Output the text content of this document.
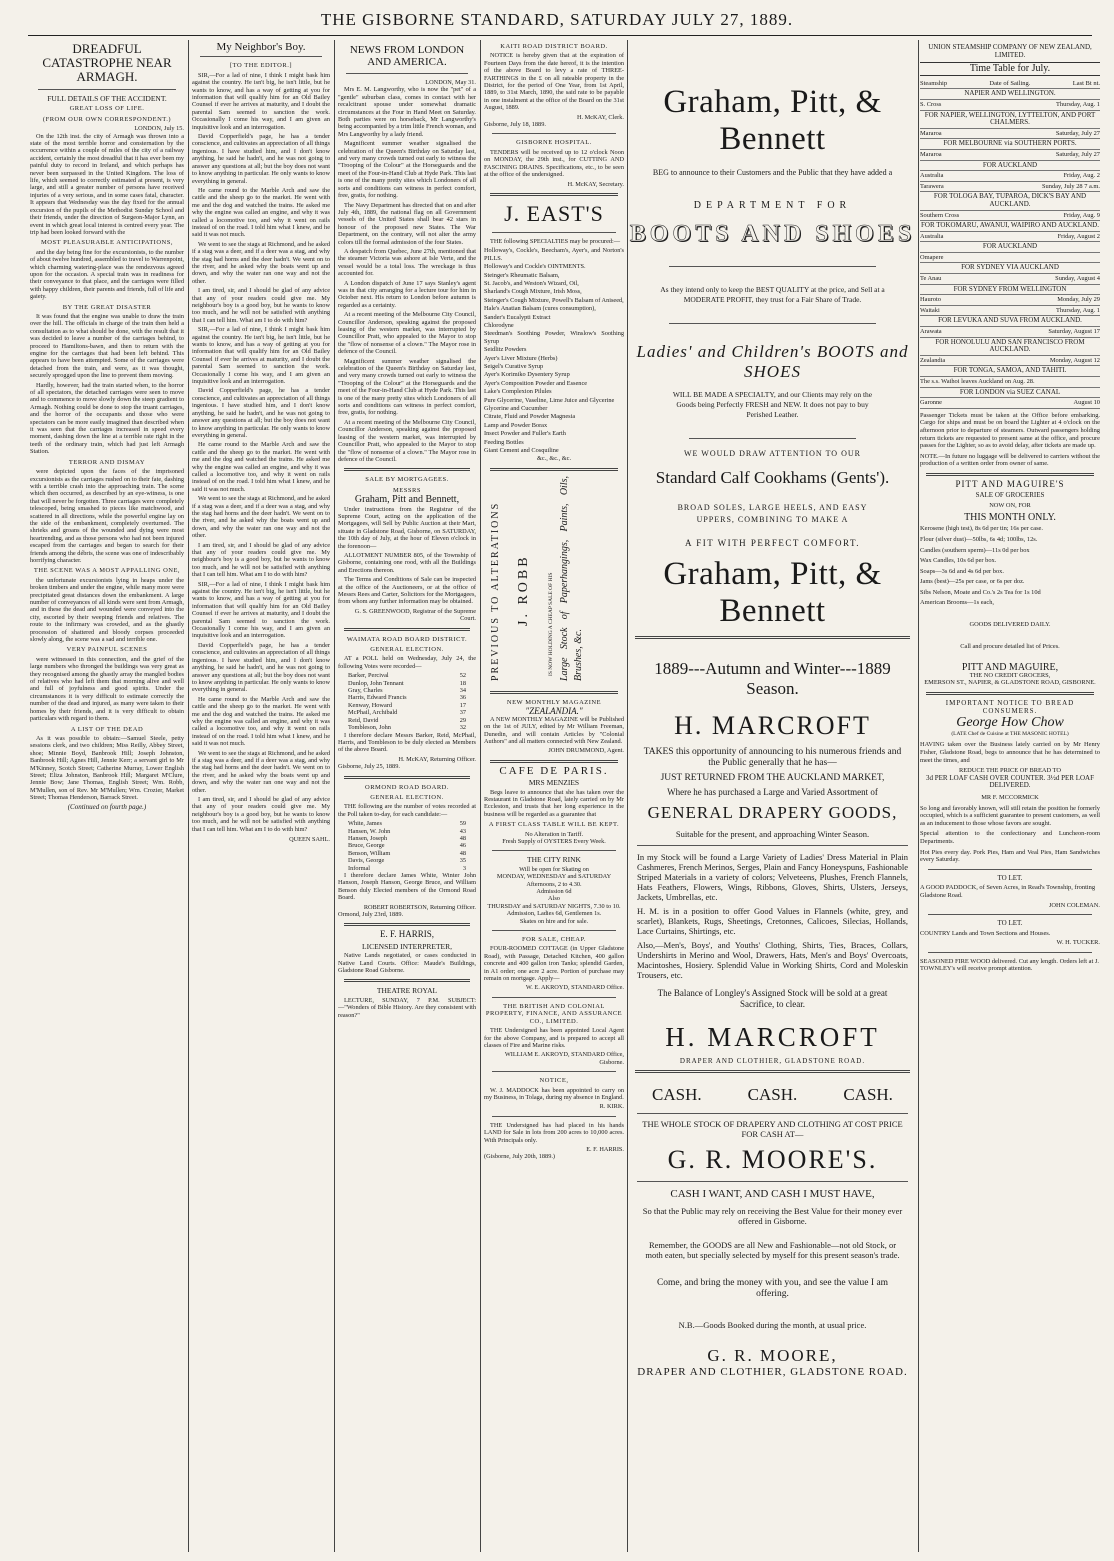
THE GISBORNE STANDARD, SATURDAY JULY 27, 1889.
DREADFUL CATASTROPHE NEAR ARMAGH.
FULL DETAILS OF THE ACCIDENT.
GREAT LOSS OF LIFE.
(FROM OUR OWN CORRESPONDENT.)
LONDON, July 15.

On the 12th inst. the city of Armagh was thrown into a state of the most terrible horror and consternation by the occurrence within a couple of miles of the city of a railway accident, certainly the most dreadful that it has ever been my painful duty to record in Ireland, and which perhaps has never been surpassed in the United Kingdom. The loss of life, which seemed to correctly estimated at present, is very large, and still a greater number of persons have received injuries of a very serious, and in some cases fatal, character. It appears that Wednesday was the day fixed for the annual excursion of the pupils of the Methodist Sunday School and their friends, under the direction of Surgeon-Major Lynn, an event in which great local interest is centred every year. The trip had been looked forward with the

MOST PLEASURABLE ANTICIPATIONS,

and the day being fine for the excursionists, to the number of about twelve hundred, assembled to travel to Warrenpoint, which charming watering-place was the rendezvous agreed upon for the occasion. A special train was in readiness for their conveyance to that place, and the carriages were filled with happy children, their parents and friends, full of life and gaiety.

BY THE GREAT DISASTER

It was found that the engine was unable to draw the train over the hill. The officials in charge of the train then held a consultation as to what should be done, with the result that it was decided to leave a number of the carriages behind, to proceed to Hamiltons-bawn, and then to return with the engine for the carriages that had been left behind. This appears to have been attempted. Some of the carriages were detached from the train, and were, as it was thought, securely sprogged upon the line to prevent them moving.

Hardly, however, had the train started when, to the horror of all spectators, the detached carriages were seen to move and to commence to move slowly down the steep gradient to Armagh. Nothing could be done to stop the truant carriages, and the horror of the occupants and those who were spectators can be more easily imagined than described when it was seen that the carriages increased in speed every moment, dashing down the line at a terrible rate right in the teeth of the ordinary train, which had just left Armagh Station.

TERROR AND DISMAY

were depicted upon the faces of the imprisoned excursionists as the carriages rushed on to their fate, dashing with a terrible crash into the approaching train. The scene which then occurred, as described by an eye-witness, is one that will never be forgotten. Three carriages were completely telescoped, being smashed to pieces like matchwood, and scattered in all directions, while the powerful engine lay on the side of the embankment, completely overturned. The shrieks and groans of the wounded and dying were most heartrending, and as those persons who had not been injured escaped from the carriages and began to search for their friends among the débris, the scene was one of indescribably horrifying character.

THE SCENE WAS A MOST APPALLING ONE,

the unfortunate excursionists lying in heaps under the broken timbers and under the engine, while many more were precipitated great distances down the embankment. A large number of conveyances of all kinds were sent from Armagh, and in these the dead and wounded were conveyed into the city, escorted by their weeping friends and relatives. The route to the infirmary was crowded, and as the ghastly procession of shattered and bloody corpses proceeded slowly along, the scene was a sad and terrible one.

VERY PAINFUL SCENES

were witnessed in this connection, and the grief of the large numbers who thronged the buildings was very great as they recognised among the ghastly array the mangled bodies of relatives who had left them that morning alive and well and full of joyfulness and good spirits. Under the circumstances it is very difficult to estimate correctly the number of the dead and injured, as many were taken to their homes by their friends, and it is very difficult to obtain particulars with regard to them.

A LIST OF THE DEAD

As it was possible to obtain:—Samuel Steele, petty sessions clerk, and two children; Miss Reilly, Abbey Street, shoe; Minnie Boyd, Banbrook Hill; Joseph Johnston, Banbrook Hill; Agnes Hill, Jennie Kerr; a servant girl to Mr M'Kinney, Scotch Street; Catherine Murray, Lower English Street; Eliza Johnston, Banbrook Hill; Margaret M'Clure, Jennie Bow; Jane Thomas, English Street; Wm. Robb, M'Mullen, son of Rev. Mr M'Mullen; Wm. Crozier, Market Street; Thomas Henderson, Barrack Street.

(Continued on fourth page.)
My Neighbor's Boy.
[TO THE EDITOR.]

SIR,—For a lad of nine, I think I might bask him against the country. He isn't big, he isn't little, but he wants to know, and has a way of getting at you for information that will qualify him for an Old Bailey Counsel if ever he arrives at maturity, and I doubt the parental Sam seemed to sanction the work. Occasionally I come his way, and I am given an inquisitive look and an interrogation.

David Copperfield's page, he has a tender conscience, and cultivates an appreciation of all things ingenious. I have studied him, and I don't know anything, he said he hadn't, and he was not going to answer any questions at all; but the boy does not want to know anything in particular. He only wants to know everything in general.

He came round to the Marble Arch and saw the cattle and the sheep go to the market. He went with me and the dog and watched the trains. He asked me why the engine was called an engine, and why it was called a locomotive too, and why it went on rails instead of on the road. I told him what I knew, and he said it was not much.

We went to see the stags at Richmond, and he asked if a stag was a deer, and if a deer was a stag, and why the stag had horns and the deer hadn't. We went on to the river, and he asked why the boats went up and down, and why the water ran one way and not the other.

I am tired, sir, and I should be glad of any advice that any of your readers could give me. My neighbour's boy is a good boy, but he wants to know too much, and he will not be satisfied with anything that I can tell him. What am I to do with him?

SIR,—For a lad of nine, I think I might bask him against the country. He isn't big, he isn't little, but he wants to know, and has a way of getting at you for information that will qualify him for an Old Bailey Counsel if ever he arrives at maturity, and I doubt the parental Sam seemed to sanction the work. Occasionally I come his way, and I am given an inquisitive look and an interrogation.

David Copperfield's page, he has a tender conscience, and cultivates an appreciation of all things ingenious. I have studied him, and I don't know anything, he said he hadn't, and he was not going to answer any questions at all; but the boy does not want to know anything in particular. He only wants to know everything in general.

He came round to the Marble Arch and saw the cattle and the sheep go to the market. He went with me and the dog and watched the trains. He asked me why the engine was called an engine, and why it was called a locomotive too, and why it went on rails instead of on the road. I told him what I knew, and he said it was not much.

We went to see the stags at Richmond, and he asked if a stag was a deer, and if a deer was a stag, and why the stag had horns and the deer hadn't. We went on to the river, and he asked why the boats went up and down, and why the water ran one way and not the other.

I am tired, sir, and I should be glad of any advice that any of your readers could give me. My neighbour's boy is a good boy, but he wants to know too much, and he will not be satisfied with anything that I can tell him. What am I to do with him?

SIR,—For a lad of nine, I think I might bask him against the country. He isn't big, he isn't little, but he wants to know, and has a way of getting at you for information that will qualify him for an Old Bailey Counsel if ever he arrives at maturity, and I doubt the parental Sam seemed to sanction the work. Occasionally I come his way, and I am given an inquisitive look and an interrogation.

David Copperfield's page, he has a tender conscience, and cultivates an appreciation of all things ingenious. I have studied him, and I don't know anything, he said he hadn't, and he was not going to answer any questions at all; but the boy does not want to know anything in particular. He only wants to know everything in general.

He came round to the Marble Arch and saw the cattle and the sheep go to the market. He went with me and the dog and watched the trains. He asked me why the engine was called an engine, and why it was called a locomotive too, and why it went on rails instead of on the road. I told him what I knew, and he said it was not much.

We went to see the stags at Richmond, and he asked if a stag was a deer, and if a deer was a stag, and why the stag had horns and the deer hadn't. We went on to the river, and he asked why the boats went up and down, and why the water ran one way and not the other.

I am tired, sir, and I should be glad of any advice that any of your readers could give me. My neighbour's boy is a good boy, but he wants to know too much, and he will not be satisfied with anything that I can tell him. What am I to do with him?

QUEEN SAHL.
NEWS FROM LONDON AND AMERICA.
LONDON, May 31.

Mrs E. M. Langworthy, who is now the "pet" of a "gentle" suburban class, comes in contact with her recalcitrant spouse under somewhat dramatic circumstances at the Four in Hand Meet on Saturday. Both parties were on horseback, Mr Langworthy's being accompanied by a trim little French woman, and Mrs Langworthy by a lady friend.

Magnificent summer weather signalised the celebration of the Queen's Birthday on Saturday last, and very many crowds turned out early to witness the "Trooping of the Colour" at the Horseguards and the meet of the Four-in-Hand Club at Hyde Park. This last is one of the many pretty sites which Londoners of all sorts and conditions can witness in perfect comfort, free, gratis, for nothing.

The Navy Department has directed that on and after July 4th, 1889, the national flag on all Government vessels of the United States shall bear 42 stars in honour of the proposed new States. The War Department, on the contrary, will not alter the army colors till the formal admission of the four States.

A despatch from Quebec, June 27th, mentioned that the steamer Victoria was ashore at Isle Verte, and the vessel would be a total loss. The wreckage is thus accounted for.

A London dispatch of June 17 says Stanley's agent was in that city arranging for a lecture tour for him in October next. His return to London before autumn is regarded as a certainty.

At a recent meeting of the Melbourne City Council, Councillor Anderson, speaking against the proposed leasing of the western market, was interrupted by Councillor Pratt, who appealed to the Mayor to stop the "flow of nonsense of a clown." The Mayor rose in defence of the Council.

Magnificent summer weather signalised the celebration of the Queen's Birthday on Saturday last, and very many crowds turned out early to witness the "Trooping of the Colour" at the Horseguards and the meet of the Four-in-Hand Club at Hyde Park. This last is one of the many pretty sites which Londoners of all sorts and conditions can witness in perfect comfort, free, gratis, for nothing.

At a recent meeting of the Melbourne City Council, Councillor Anderson, speaking against the proposed leasing of the western market, was interrupted by Councillor Pratt, who appealed to the Mayor to stop the "flow of nonsense of a clown." The Mayor rose in defence of the Council.

SALE BY MORTGAGEES.
MESSRS
Graham, Pitt and Bennett,

Under instructions from the Registrar of the Supreme Court, acting on the application of the Mortgagees, will Sell by Public Auction at their Mart, situate in Gladstone Road, Gisborne, on SATURDAY, the 10th day of July, at the hour of Eleven o'clock in the forenoon—

ALLOTMENT NUMBER 805, of the Township of Gisborne, containing one rood, with all the Buildings and Erections thereon.

The Terms and Conditions of Sale can be inspected at the office of the Auctioneers, or at the office of Messrs Rees and Carter, Solicitors for the Mortgagees, from whom any further information may be obtained.

G. S. GREENWOOD, Registrar of the Supreme Court.
WAIMATA ROAD BOARD DISTRICT.
GENERAL ELECTION.

AT a POLL held on Wednesday, July 24, the following Votes were recorded—

Barker, Percival	52
Dunlop, John Tennant	18
Gray, Charles	34
Harris, Edward Francis	36
Kenway, Howard	17
McPhail, Archibald	37
Reid, David	29
Tombleson, John	32

I therefore declare Messrs Barker, Reid, McPhail, Harris, and Tombleson to be duly elected as Members of the above Board.

H. McKAY, Returning Officer.
Gisborne, July 25, 1889.
ORMOND ROAD BOARD.
GENERAL ELECTION.

THE following are the number of votes recorded at the Poll taken to-day, for each candidate:—

White, James	59
Hansen, W. John	43
Hansen, Joseph	48
Bruce, George	46
Benson, William	48
Davis, George	35
Informal	3

I therefore declare James White, Winter John Hanson, Joseph Hanson, George Bruce, and William Benson duly Elected members of the Ormond Road Board.

ROBERT ROBERTSON, Returning Officer.
Ormond, July 23rd, 1889.
E. F. HARRIS,
LICENSED INTERPRETER,

Native Lands negotiated, or cases conducted in Native Land Courts. Office: Maude's Buildings, Gladstone Road Gisborne.

THEATRE ROYAL

LECTURE, SUNDAY, 7 P.M. SUBJECT:—"Wonders of Bible History. Are they consistent with reason?"

KAITI ROAD DISTRICT BOARD.

NOTICE is hereby given that at the expiration of Fourteen Days from the date hereof, it is the intention of the above Board to levy a rate of THREE-FARTHINGS in the £ on all rateable property in the District, for the period of One Year, from 1st April, 1889, to 31st March, 1890, the said rate to be payable in one instalment at the office of the Board on the 31st August, 1889.

H. McKAY, Clerk.
Gisborne, July 18, 1889.
GISBORNE HOSPITAL.

TENDERS will be received up to 12 o'clock Noon on MONDAY, the 29th inst., for CUTTING AND FASCINING DRAINS. Specifications, etc., to be seen at the office of the undersigned.

H. McKAY, Secretary.
J. EAST'S

THE following SPECIALTIES may be procured:—

Holloway's, Cockle's, Beecham's, Ayer's, and Norton's PILLS.
Holloway's and Cockle's OINTMENTS.
Steinger's Rheumatic Balsam,
St. Jacob's, and Weston's Wizard, Oil,
Sharland's Cough Mixture, Irish Moss,
Steinger's Cough Mixture, Powell's Balsam of Aniseed,
Hale's Anatian Balsam (cures consumption),
Sander's Eucalypti Extract
Chlorodyne
Steedman's Soothing Powder, Winslow's Soothing Syrup
Seidlitz Powders
Ayer's Liver Mixture (Herbs)
Seigel's Curative Syrup
Ayer's Korimiko Dysentery Syrup
Ayer's Composition Powder and Essence
Lake's Complexion Pilules
Pure Glycerine, Vaseline, Lime Juice and Glycerine
Glycerine and Cucumber
Citrate, Fluid and Powder Magnesia
Lamp and Powder Borax
Insect Powder and Fuller's Earth
Feeding Bottles
Giant Cement and Cosquiline
&c., &c., &c.
PREVIOUS TO ALTERATIONS J. ROBB	IS NOW HOLDING A CHEAP SALE OF HIS Large Stock of Paperhangings, Paints, Oils, Brushes, &c.
NEW MONTHLY MAGAZINE
"ZEALANDIA."

A NEW MONTHLY MAGAZINE will be Published on the 1st of JULY, edited by Mr William Freeman, Dunedin, and will contain Articles by "Colonial Authors" and all matters connected with New Zealand.

JOHN DRUMMOND, Agent.
CAFE DE PARIS.
MRS MENZIES

Begs leave to announce that she has taken over the Restaurant in Gladstone Road, lately carried on by Mr Eccleston, and trusts that her long experience in the business will be regarded as a guarantee that

A FIRST CLASS TABLE WILL BE KEPT.
No Alteration in Tariff.
Fresh Supply of OYSTERS Every Week.
THE CITY RINK
Will be open for Skating on
MONDAY, WEDNESDAY and SATURDAY Afternoons, 2 to 4.30.
Admission 6d
Also
THURSDAY and SATURDAY NIGHTS, 7.30 to 10.
Admission, Ladies 6d, Gentlemen 1s.
Skates on hire and for sale.
FOR SALE, CHEAP.

FOUR-ROOMED COTTAGE (in Upper Gladstone Road), with Passage, Detached Kitchen, 400 gallon concrete and 400 gallon iron Tanks; splendid Garden, in A1 order; one acre 2 acre. Portion of purchase may remain on mortgage. Apply—

W. E. AKROYD, STANDARD Office.
THE BRITISH AND COLONIAL PROPERTY, FINANCE, AND ASSURANCE CO., LIMITED.

THE Undersigned has been appointed Local Agent for the above Company, and is prepared to accept all classes of Fire and Marine risks.

WILLIAM E. AKROYD, STANDARD Office, Gisborne.
NOTICE,

W. J. MADDOCK has been appointed to carry on my Business, in Tolaga, during my absence in England.

R. KIRK.

THE Undersigned has had placed in his hands LAND for Sale in lots from 200 acres to 10,000 acres. With Principals only.

E. F. HARRIS.
(Gisborne, July 20th, 1889.)
Graham, Pitt, & Bennett
BEG to announce to their Customers and the Public that they have added a
DEPARTMENT FOR
BOOTS AND SHOES
As they intend only to keep the BEST QUALITY at the price, and Sell at a MODERATE PROFIT, they trust for a Fair Share of Trade.
Ladies' and Children's BOOTS and SHOES
WILL BE MADE A SPECIALTY, and our Clients may rely on the Goods being Perfectly FRESH and NEW. It does not pay to buy Perished Leather.
WE WOULD DRAW ATTENTION TO OUR
Standard Calf Cookhams (Gents').
BROAD SOLES, LARGE HEELS, AND EASY UPPERS, COMBINING TO MAKE A
A FIT WITH PERFECT COMFORT.
Graham, Pitt, & Bennett
1889---Autumn and Winter---1889
Season.
H. MARCROFT
TAKES this opportunity of announcing to his numerous friends and the Public generally that he has—
JUST RETURNED FROM THE AUCKLAND MARKET,
Where he has purchased a Large and Varied Assortment of
GENERAL DRAPERY GOODS,
Suitable for the present, and approaching Winter Season.
In my Stock will be found a Large Variety of Ladies' Dress Material in Plain Cashmeres, French Merinos, Serges, Plain and Fancy Honeyspuns, Fashionable Striped Materials in a variety of colors; Velveteens, Plushes, French Flannels, Hats Feathers, Flowers, Wings, Ribbons, Gloves, Shirts, Ulsters, Jerseys, Jackets, Umbrellas, etc.
H. M. is in a position to offer Good Values in Flannels (white, grey, and scarlet), Blankets, Rugs, Sheetings, Cretonnes, Calicoes, Silecias, Hollands, Lace Curtains, Shirtings, etc.
Also,—Men's, Boys', and Youths' Clothing, Shirts, Ties, Braces, Collars, Undershirts in Merino and Wool, Drawers, Hats, Men's and Boys' Overcoats, Macintoshes, Hosiery. Splendid Value in Working Shirts, Cord and Moleskin Trousers, etc.
The Balance of Longley's Assigned Stock will be sold at a great Sacrifice, to clear.
H. MARCROFT
DRAPER AND CLOTHIER, GLADSTONE ROAD.
CASH.	CASH.	CASH.
THE WHOLE STOCK OF DRAPERY AND CLOTHING AT COST PRICE FOR CASH AT—
G. R. MOORE'S.
CASH I WANT, AND CASH I MUST HAVE,
So that the Public may rely on receiving the Best Value for their money ever offered in Gisborne.
Remember, the GOODS are all New and Fashionable—not old Stock, or moth eaten, but specially selected by myself for this present season's trade.
Come, and bring the money with you, and see the value I am offering.
N.B.—Goods Booked during the month, at usual price.
G. R. MOORE,
DRAPER AND CLOTHIER, GLADSTONE ROAD.
UNION STEAMSHIP COMPANY OF NEW ZEALAND, LIMITED.
Time Table for July.
Steamship	Date of Sailing.	Last Bt nt.
NAPIER AND WELLINGTON.
S. Cross	Thursday, Aug. 1
FOR NAPIER, WELLINGTON, LYTTELTON, AND PORT CHALMERS.
Mararoa	Saturday, July 27
FOR MELBOURNE via SOUTHERN PORTS.
Mararoa	Saturday, July 27
FOR AUCKLAND
Australia	Friday, Aug. 2
Tarawera	Sunday, July 28 7 a.m.
FOR TOLOGA BAY, TUPAROA, DICK'S BAY AND AUCKLAND.
Southern Cross	Friday, Aug. 9
FOR TOKOMARU, AWANUI, WAIPIRO AND AUCKLAND.
Australia	Friday, August 2
FOR AUCKLAND
Omapere
FOR SYDNEY VIA AUCKLAND
Te Anau	Sunday, August 4
FOR SYDNEY FROM WELLINGTON
Hauroto	Monday, July 29
Waitaki	Thursday, Aug. 1
FOR LEVUKA AND SUVA FROM AUCKLAND.
Arawata	Saturday, August 17
FOR HONOLULU AND SAN FRANCISCO FROM AUCKLAND.
Zealandia	Monday, August 12
FOR TONGA, SAMOA, AND TAHITI.
The s.s. Waihoi leaves Auckland on Aug. 28.
FOR LONDON via SUEZ CANAL
Garonne	August 10

Passenger Tickets must be taken at the Office before embarking. Cargo for ships and must be on board the Lighter at 4 o'clock on the afternoon prior to departure of steamers. Outward passengers holding return tickets are requested to present same at the office, and procure passes for the Lighter, so as to avoid delay, after tickets are made up.

NOTE.—In future no luggage will be delivered to carriers without the production of a written order from owner of same.

PITT AND MAGUIRE'S
SALE OF GROCERIES
NOW ON, FOR
THIS MONTH ONLY.
Kerosene (high test), 8s 6d per tin; 16s per case.
Flour (silver dust)—50lbs, 6s 4d; 100lbs, 12s.
Candles (southern sperm)—11s 0d per box
Wax Candles, 10s 6d per box.
Soaps—3s 6d and 4s 6d per box.
Jams (best)—25s per case, or 6s per doz.
Sibs Nelson, Moate and Co.'s 2s Tea for 1s 10d
American Brooms—1s each,
GOODS DELIVERED DAILY.
Call and procure detailed list of Prices.
PITT AND MAGUIRE,
THE NO CREDIT GROCERS,
EMERSON ST., NAPIER, & GLADSTONE ROAD, GISBORNE.
IMPORTANT NOTICE TO BREAD CONSUMERS.
George How Chow
(LATE Chef de Cuisine at THE MASONIC HOTEL)

HAVING taken over the Business lately carried on by Mr Henry Fisher, Gladstone Road, begs to announce that he has determined to meet the times, and

REDUCE THE PRICE OF BREAD TO
3d PER LOAF CASH OVER COUNTER. 3½d PER LOAF DELIVERED.
MR F. MCCORMICK

So long and favorably known, will still retain the position he formerly occupied, which is a sufficient guarantee to present customers, as well as an inducement to those whose favors are sought.

Special attention to the confectionary and Luncheon-room Departments.

Hot Pies every day. Pork Pies, Ham and Veal Pies, Ham Sandwiches every Saturday.

TO LET.

A GOOD PADDOCK, of Seven Acres, in Read's Township, fronting Gladstone Road.

JOHN COLEMAN.
TO LET.

COUNTRY Lands and Town Sections and Houses.

W. H. TUCKER.

SEASONED FIRE WOOD delivered. Cut any length. Orders left at J. TOWNLEY's will receive prompt attention.
